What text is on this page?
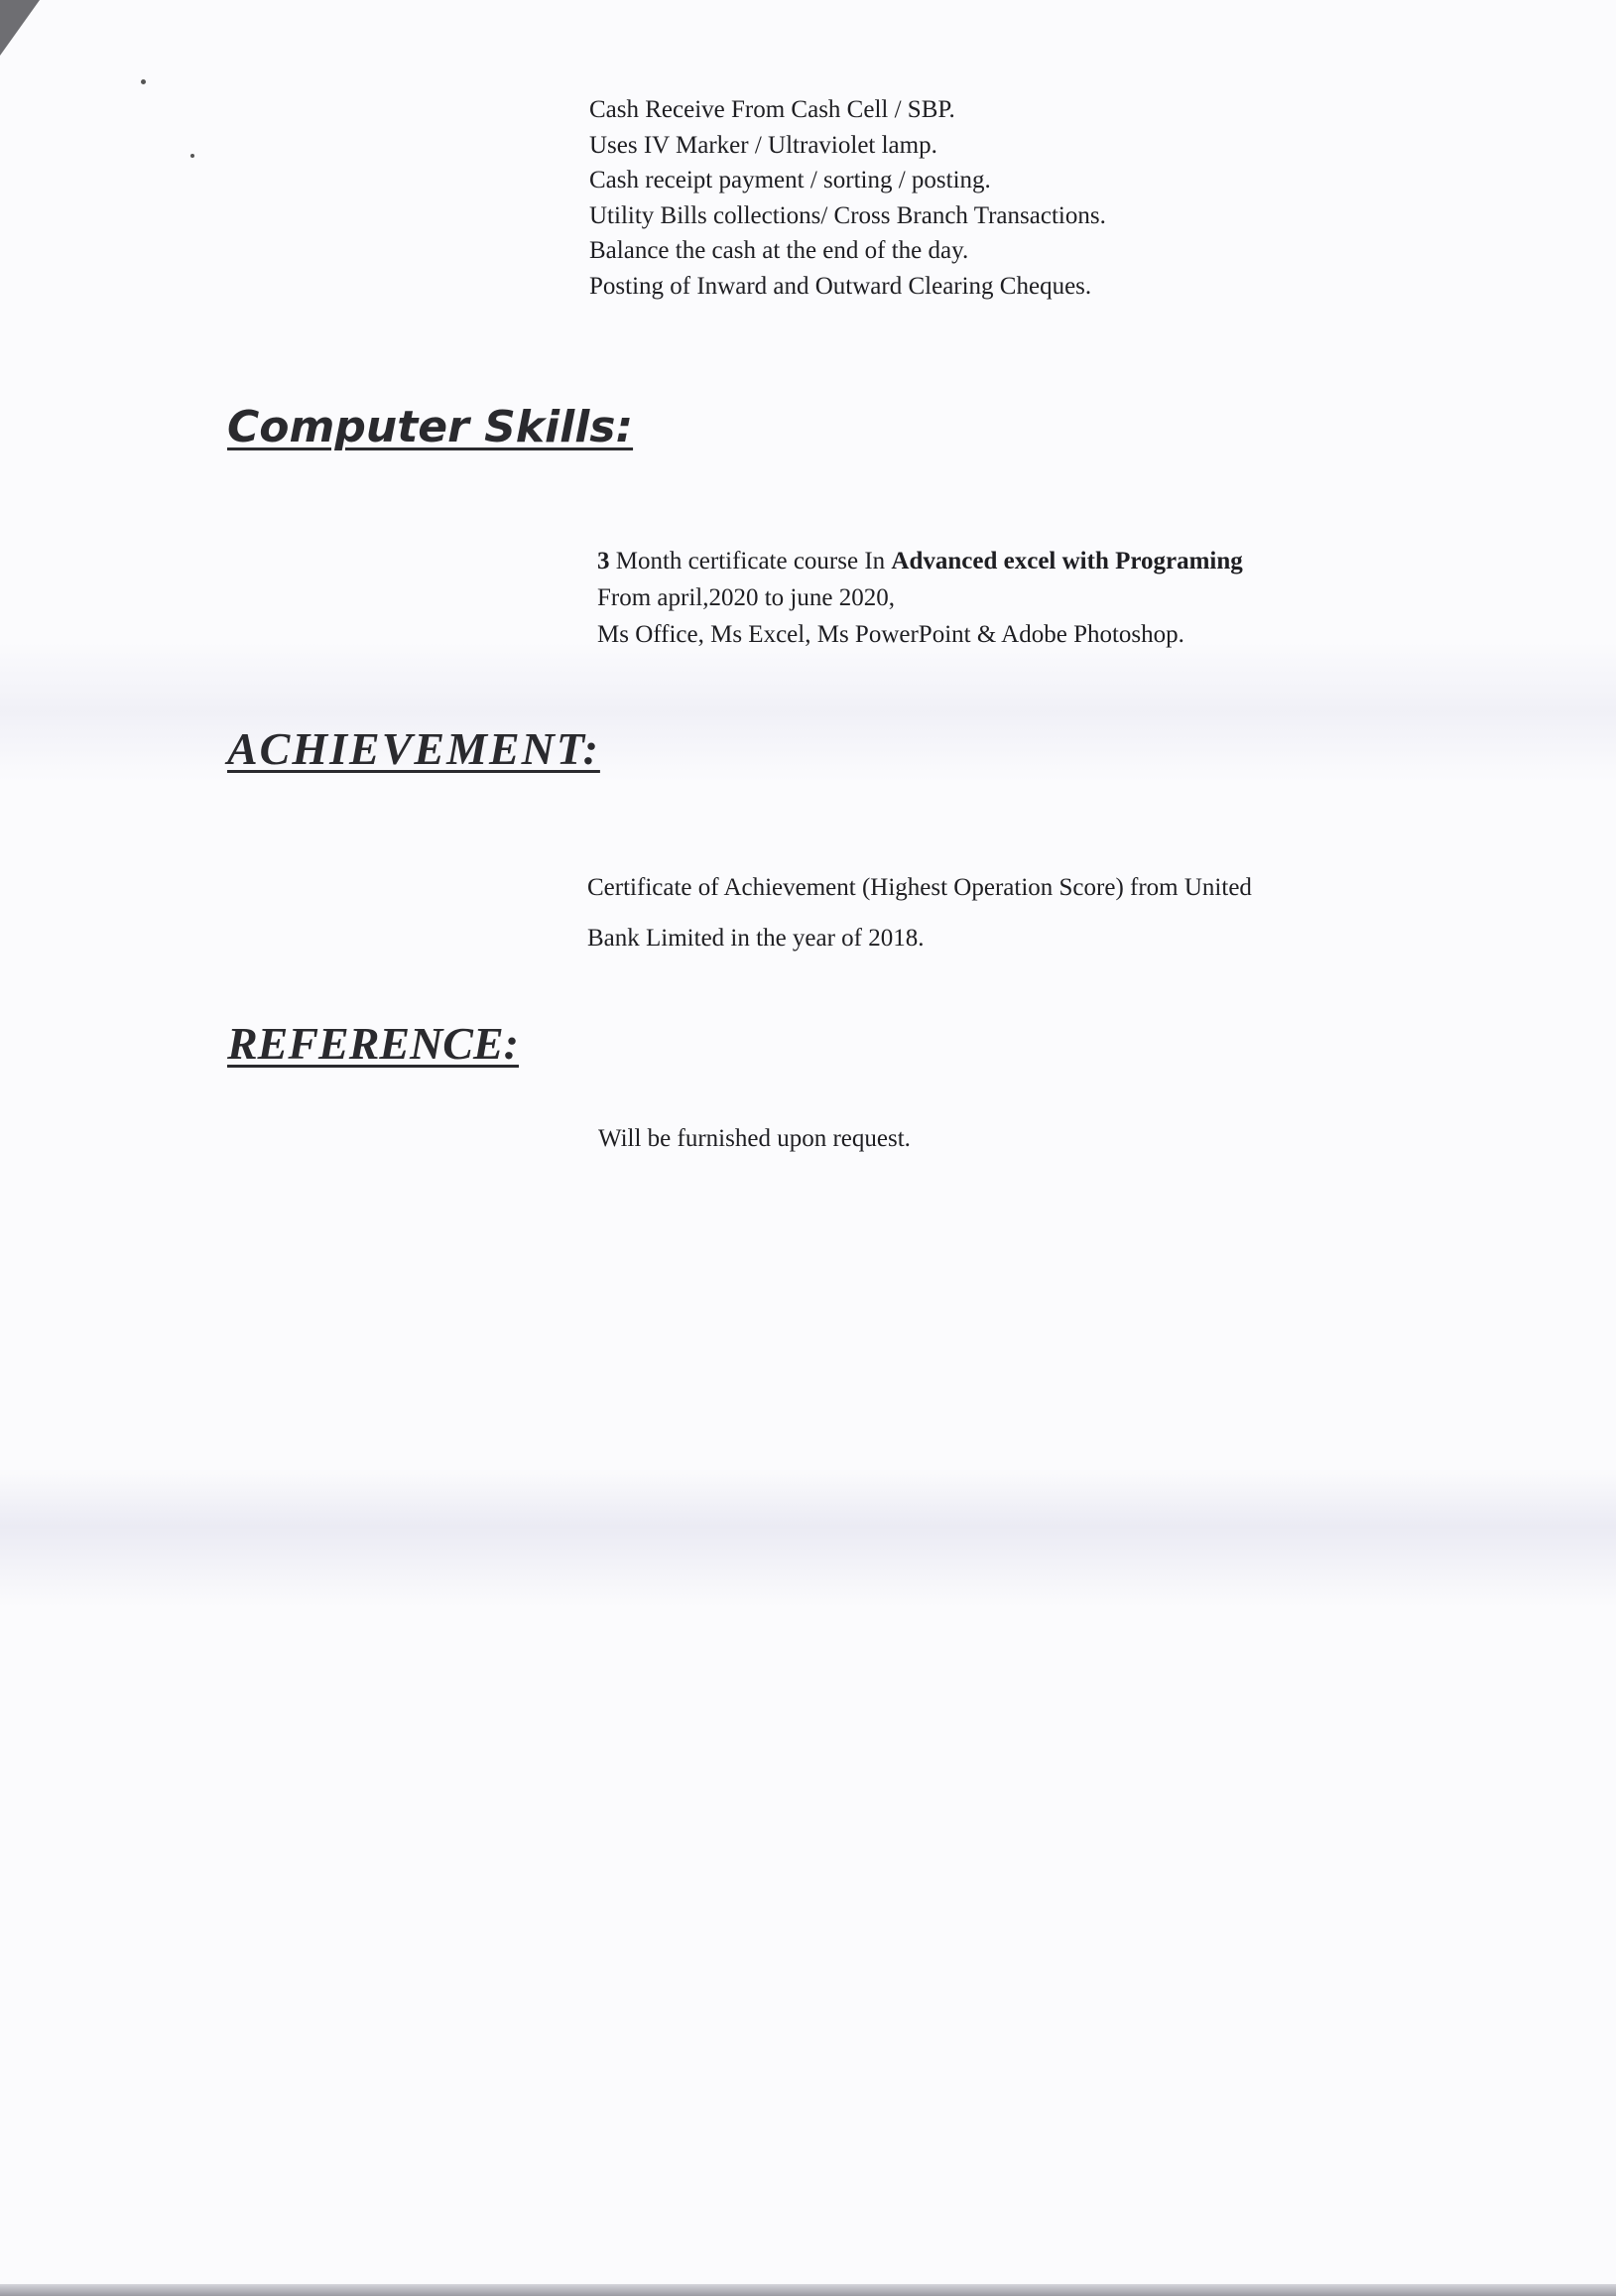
Cash Receive From Cash Cell / SBP.

Uses IV Marker / Ultraviolet lamp.

Cash receipt payment / sorting / posting.

Utility Bills collections/ Cross Branch Transactions.

Balance the cash at the end of the day.

Posting of Inward and Outward Clearing Cheques.

Computer Skills:

3 Month certificate course In Advanced excel with Programing

From april,2020 to june 2020,

Ms Office, Ms Excel, Ms PowerPoint & Adobe Photoshop.

ACHIEVEMENT:

Certificate of Achievement (Highest Operation Score) from United

Bank Limited in the year of 2018.

REFERENCE:

Will be furnished upon request.
